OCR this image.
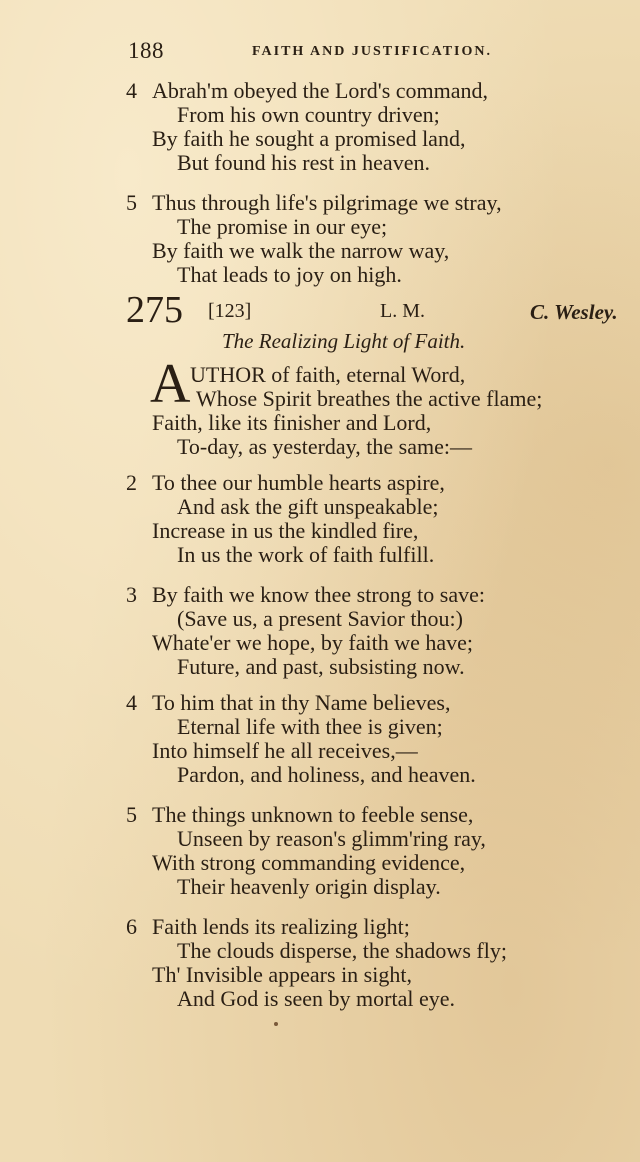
188	FAITH AND JUSTIFICATION.
4 Abrah'm obeyed the Lord's command,
From his own country driven;
By faith he sought a promised land,
But found his rest in heaven.
5 Thus through life's pilgrimage we stray,
The promise in our eye;
By faith we walk the narrow way,
That leads to joy on high.
275 [123]	L. M.	C. Wesley.
The Realizing Light of Faith.
A UTHOR of faith, eternal Word,
Whose Spirit breathes the active flame;
Faith, like its finisher and Lord,
To-day, as yesterday, the same:—
2 To thee our humble hearts aspire,
And ask the gift unspeakable;
Increase in us the kindled fire,
In us the work of faith fulfill.
3 By faith we know thee strong to save:
(Save us, a present Savior thou:)
Whate'er we hope, by faith we have;
Future, and past, subsisting now.
4 To him that in thy Name believes,
Eternal life with thee is given;
Into himself he all receives,—
Pardon, and holiness, and heaven.
5 The things unknown to feeble sense,
Unseen by reason's glimm'ring ray,
With strong commanding evidence,
Their heavenly origin display.
6 Faith lends its realizing light;
The clouds disperse, the shadows fly;
Th' Invisible appears in sight,
And God is seen by mortal eye.
